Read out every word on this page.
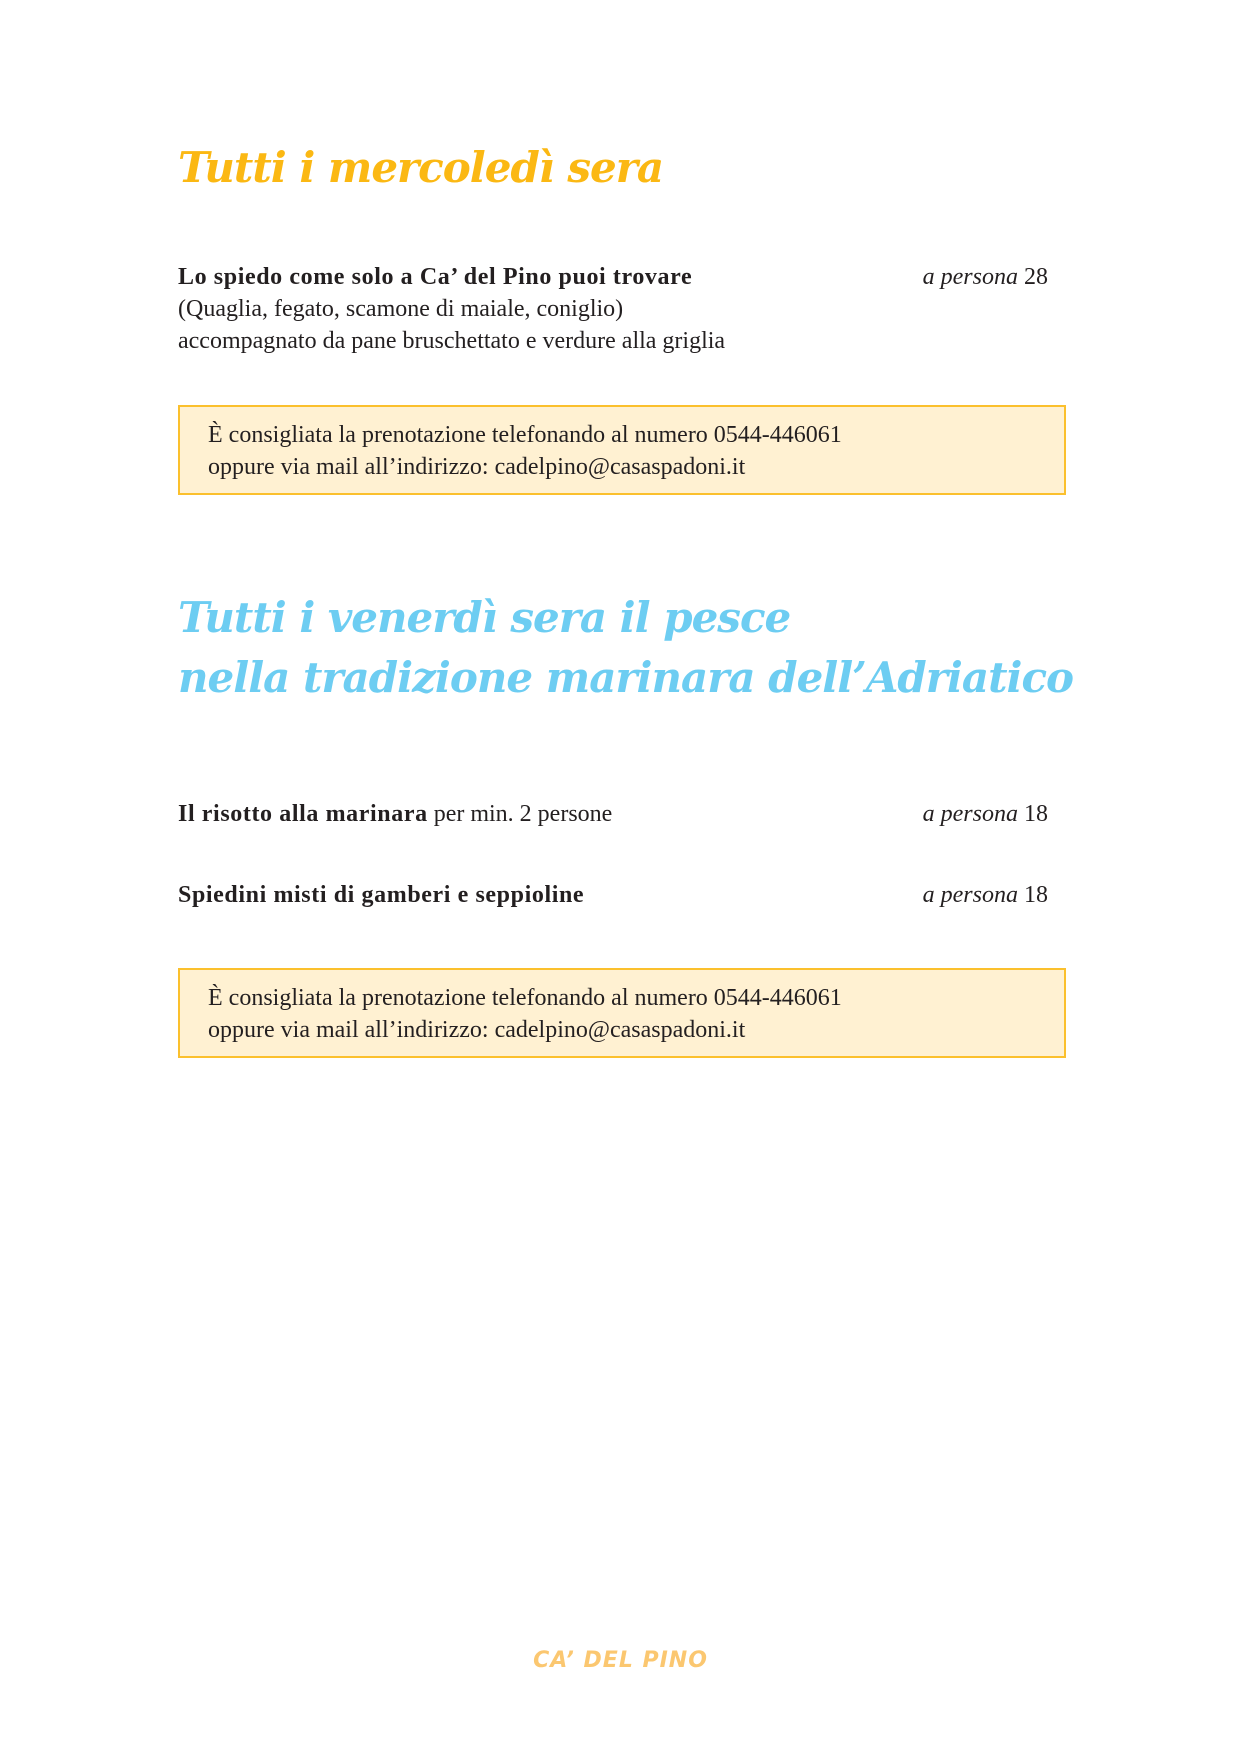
Tutti i mercoledì sera
Lo spiedo come solo a Ca’ del Pino puoi trovare	a persona 28
(Quaglia, fegato, scamone di maiale, coniglio)
accompagnato da pane bruschettato e verdure alla griglia
È consigliata la prenotazione telefonando al numero 0544-446061
oppure via mail all’indirizzo: cadelpino@casaspadoni.it
Tutti i venerdì sera il pesce
nella tradizione marinara dell’Adriatico
Il risotto alla marinara per min. 2 persone	a persona 18
Spiedini misti di gamberi e seppioline	a persona 18
È consigliata la prenotazione telefonando al numero 0544-446061
oppure via mail all’indirizzo: cadelpino@casaspadoni.it
CA’ DEL PINO
